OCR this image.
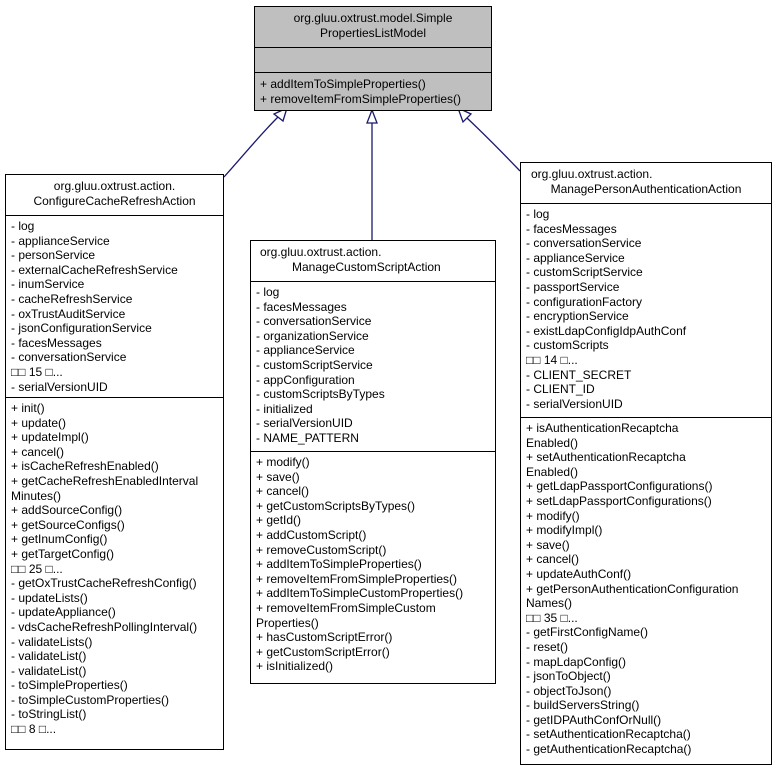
org.gluu.oxtrust.model.Simple
PropertiesListModel
+ addItemToSimpleProperties()
+ removeItemFromSimpleProperties()
org.gluu.oxtrust.action.
ConfigureCacheRefreshAction
- log
- applianceService
- personService
- externalCacheRefreshService
- inumService
- cacheRefreshService
- oxTrustAuditService
- jsonConfigurationService
- facesMessages
- conversationService
□□ 15 □...
- serialVersionUID
+ init()
+ update()
+ updateImpl()
+ cancel()
+ isCacheRefreshEnabled()
+ getCacheRefreshEnabledInterval
Minutes()
+ addSourceConfig()
+ getSourceConfigs()
+ getInumConfig()
+ getTargetConfig()
□□ 25 □...
- getOxTrustCacheRefreshConfig()
- updateLists()
- updateAppliance()
- vdsCacheRefreshPollingInterval()
- validateLists()
- validateList()
- validateList()
- toSimpleProperties()
- toSimpleCustomProperties()
- toStringList()
□□ 8 □...
org.gluu.oxtrust.action.
ManageCustomScriptAction
- log
- facesMessages
- conversationService
- organizationService
- applianceService
- customScriptService
- appConfiguration
- customScriptsByTypes
- initialized
- serialVersionUID
- NAME_PATTERN
+ modify()
+ save()
+ cancel()
+ getCustomScriptsByTypes()
+ getId()
+ addCustomScript()
+ removeCustomScript()
+ addItemToSimpleProperties()
+ removeItemFromSimpleProperties()
+ addItemToSimpleCustomProperties()
+ removeItemFromSimpleCustom
Properties()
+ hasCustomScriptError()
+ getCustomScriptError()
+ isInitialized()
org.gluu.oxtrust.action.
ManagePersonAuthenticationAction
- log
- facesMessages
- conversationService
- applianceService
- customScriptService
- passportService
- configurationFactory
- encryptionService
- existLdapConfigIdpAuthConf
- customScripts
□□ 14 □...
- CLIENT_SECRET
- CLIENT_ID
- serialVersionUID
+ isAuthenticationRecaptcha
Enabled()
+ setAuthenticationRecaptcha
Enabled()
+ getLdapPassportConfigurations()
+ setLdapPassportConfigurations()
+ modify()
+ modifyImpl()
+ save()
+ cancel()
+ updateAuthConf()
+ getPersonAuthenticationConfiguration
Names()
□□ 35 □...
- getFirstConfigName()
- reset()
- mapLdapConfig()
- jsonToObject()
- objectToJson()
- buildServersString()
- getIDPAuthConfOrNull()
- setAuthenticationRecaptcha()
- getAuthenticationRecaptcha()
